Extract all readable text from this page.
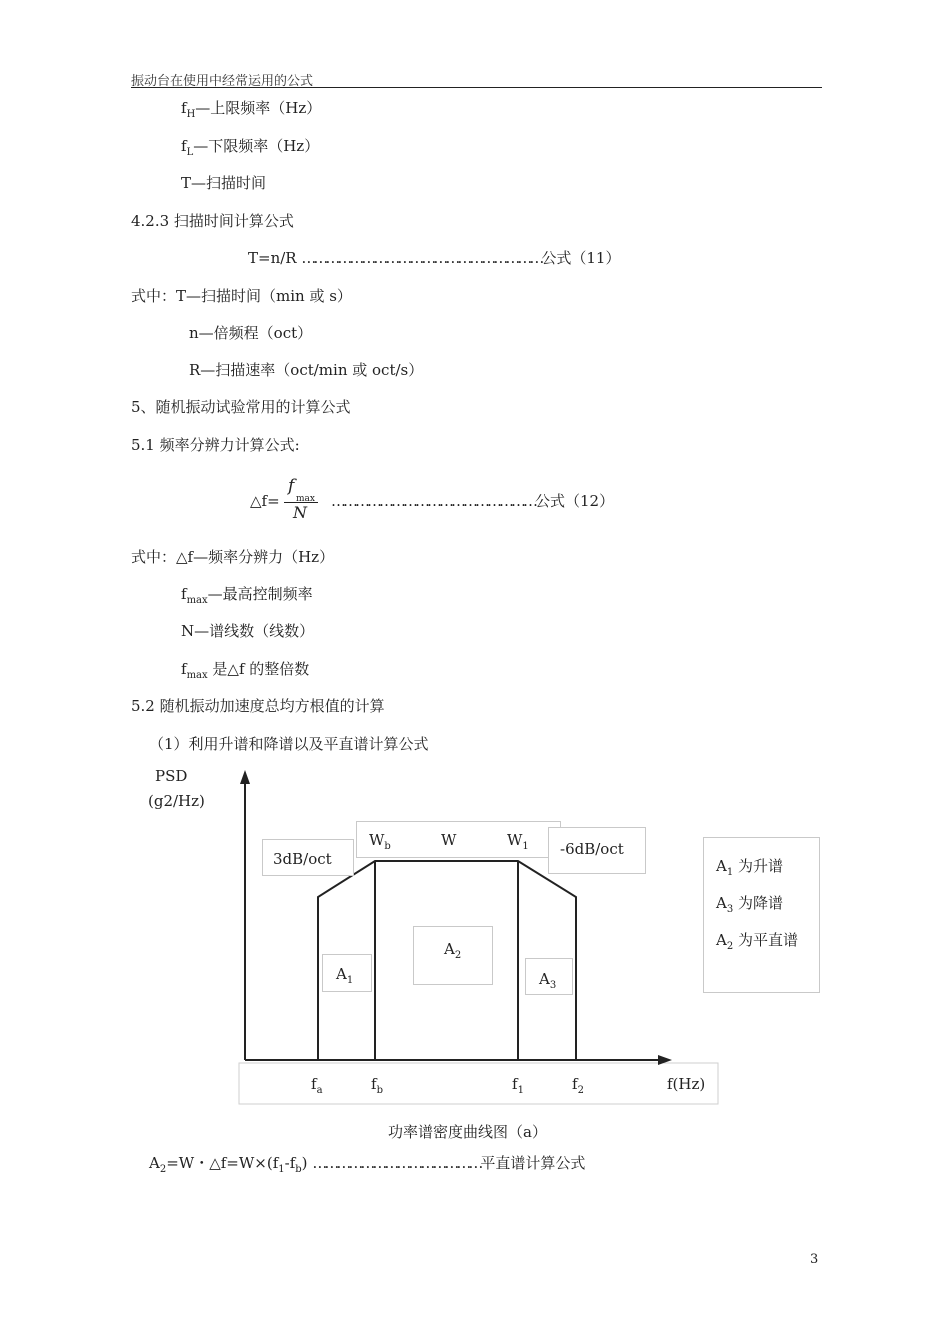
振动台在使用中经常运用的公式
$f_H—$上限频率（Hz）
$f_L—$下限频率（Hz）
T—扫描时间
4.2.3 扫描时间计算公式
T=n/R ……………………………………………………公式（11）
式中：T—扫描时间（min 或 s）
n—倍频程（oct）
R—扫描速率（oct/min 或 oct/s）
5、随机振动试验常用的计算公式
5.1 频率分辨力计算公式:
△f=
f
max
N
……………………………………………公式（12）
式中：△f—频率分辨力（Hz）
$f_{max}—$最高控制频率
N—谱线数（线数）
$f_{max}$ 是△f 的整倍数
5.2 随机振动加速度总均方根值的计算
（1）利用升谱和降谱以及平直谱计算公式
PSD
(g2/Hz)
3dB/oct
$W_b$	W	$W_1$ -6dB/oct
$A_1$
$A_2$
$A_3$
$f_a$	$f_b$	$f_1$	$f_2$	f(Hz)
$A_1$ 为升谱
$A_3$ 为降谱
$A_2$ 为平直谱
功率谱密度曲线图（a）
$A_2=W$・$\triangle f=W\times(f_1-f_b)$ ……………………………………平直谱计算公式
3
